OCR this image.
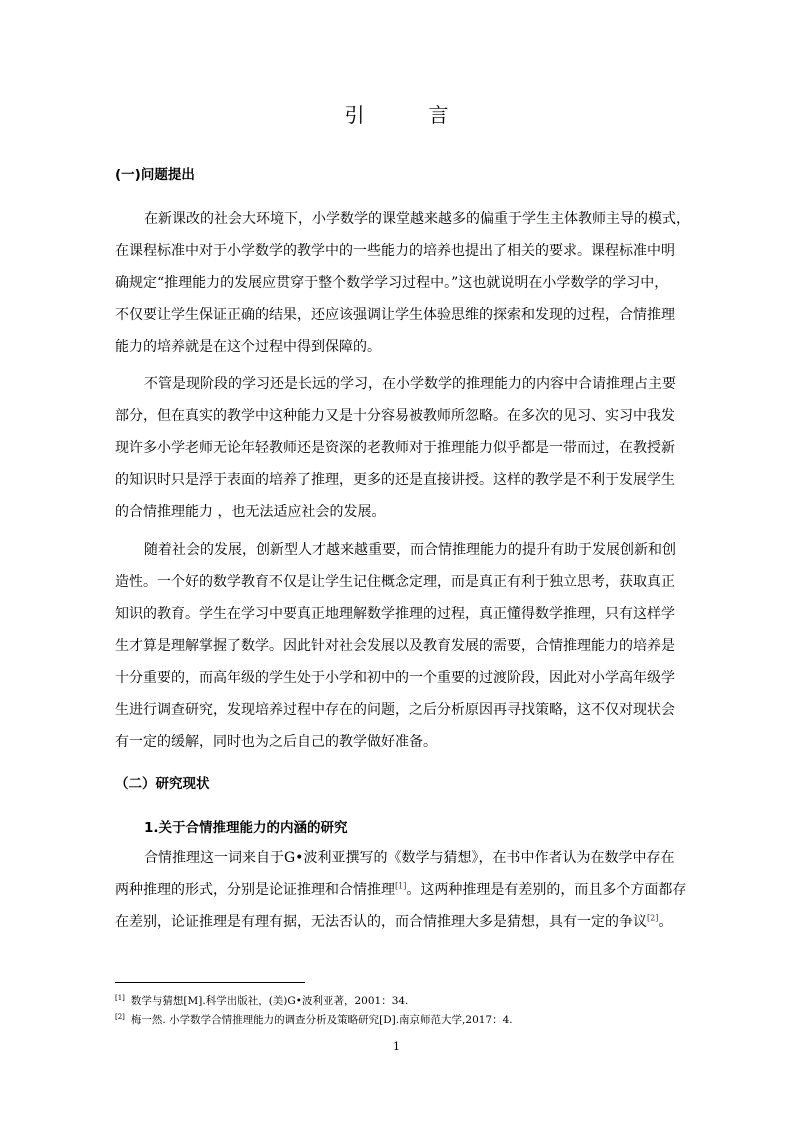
引　言
(一)问题提出

在新课改的社会大环境下，小学数学的课堂越来越多的偏重于学生主体教师主导的模式，
在课程标准中对于小学数学的教学中的一些能力的培养也提出了相关的要求。课程标准中明
确规定“推理能力的发展应贯穿于整个数学学习过程中。”这也就说明在小学数学的学习中，
不仅要让学生保证正确的结果，还应该强调让学生体验思维的探索和发现的过程，合情推理
能力的培养就是在这个过程中得到保障的。

不管是现阶段的学习还是长远的学习，在小学数学的推理能力的内容中合请推理占主要
部分，但在真实的教学中这种能力又是十分容易被教师所忽略。在多次的见习、实习中我发
现许多小学老师无论年轻教师还是资深的老教师对于推理能力似乎都是一带而过，在教授新
的知识时只是浮于表面的培养了推理，更多的还是直接讲授。这样的教学是不利于发展学生
的合情推理能力 ，也无法适应社会的发展。

随着社会的发展，创新型人才越来越重要，而合情推理能力的提升有助于发展创新和创
造性。一个好的数学教育不仅是让学生记住概念定理，而是真正有利于独立思考，获取真正
知识的教育。学生在学习中要真正地理解数学推理的过程，真正懂得数学推理，只有这样学
生才算是理解掌握了数学。因此针对社会发展以及教育发展的需要，合情推理能力的培养是
十分重要的，而高年级的学生处于小学和初中的一个重要的过渡阶段，因此对小学高年级学
生进行调查研究，发现培养过程中存在的问题，之后分析原因再寻找策略，这不仅对现状会
有一定的缓解，同时也为之后自己的教学做好准备。

（二）研究现状
1.关于合情推理能力的内涵的研究

合情推理这一词来自于G•波利亚撰写的《数学与猜想》，在书中作者认为在数学中存在
两种推理的形式，分别是论证推理和合情推理[1]。这两种推理是有差别的，而且多个方面都存
在差别，论证推理是有理有据，无法否认的，而合情推理大多是猜想，具有一定的争议[2]。

[1] 数学与猜想[M].科学出版社，(美)G•波利亚著，2001：34.
[2] 梅一然. 小学数学合情推理能力的调查分析及策略研究[D].南京师范大学,2017：4.
1
